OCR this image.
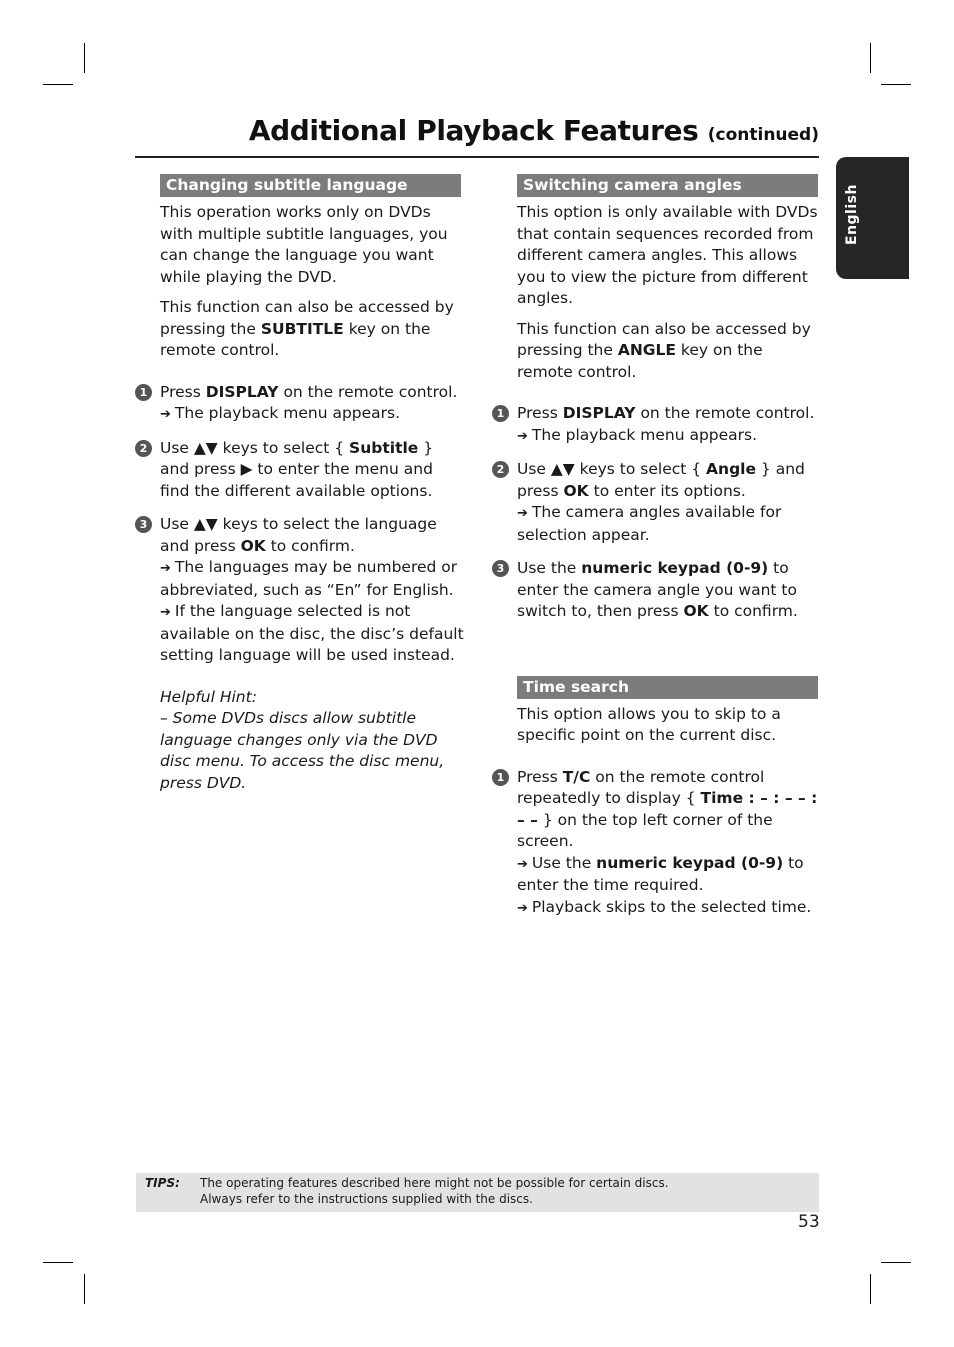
Additional Playback Features (continued)
English
Changing subtitle language

This operation works only on DVDs with multiple subtitle languages, you can change the language you want while playing the DVD.

This function can also be accessed by pressing the SUBTITLE key on the remote control.

1 Press DISPLAY on the remote control.

➔ The playback menu appears.

2 Use ▲▼ keys to select { Subtitle } and press ▶ to enter the menu and find the different available options.

3 Use ▲▼ keys to select the language and press OK to confirm.

➔ The languages may be numbered or abbreviated, such as “En” for English.

➔ If the language selected is not available on the disc, the disc’s default setting language will be used instead.

Helpful Hint:

– Some DVDs discs allow subtitle language changes only via the DVD disc menu. To access the disc menu, press DVD.

Switching camera angles

This option is only available with DVDs that contain sequences recorded from different camera angles. This allows you to view the picture from different angles.

This function can also be accessed by pressing the ANGLE key on the remote control.

1 Press DISPLAY on the remote control.

➔ The playback menu appears.

2 Use ▲▼ keys to select { Angle } and press OK to enter its options.

➔ The camera angles available for selection appear.

3 Use the numeric keypad (0-9) to enter the camera angle you want to switch to, then press OK to confirm.

Time search

This option allows you to skip to a specific point on the current disc.

1 Press T/C on the remote control repeatedly to display { Time : – : – – : – – } on the top left corner of the screen.

➔ Use the numeric keypad (0-9) to enter the time required.

➔ Playback skips to the selected time.

TIPS: The operating features described here might not be possible for certain discs.
Always refer to the instructions supplied with the discs.
53
